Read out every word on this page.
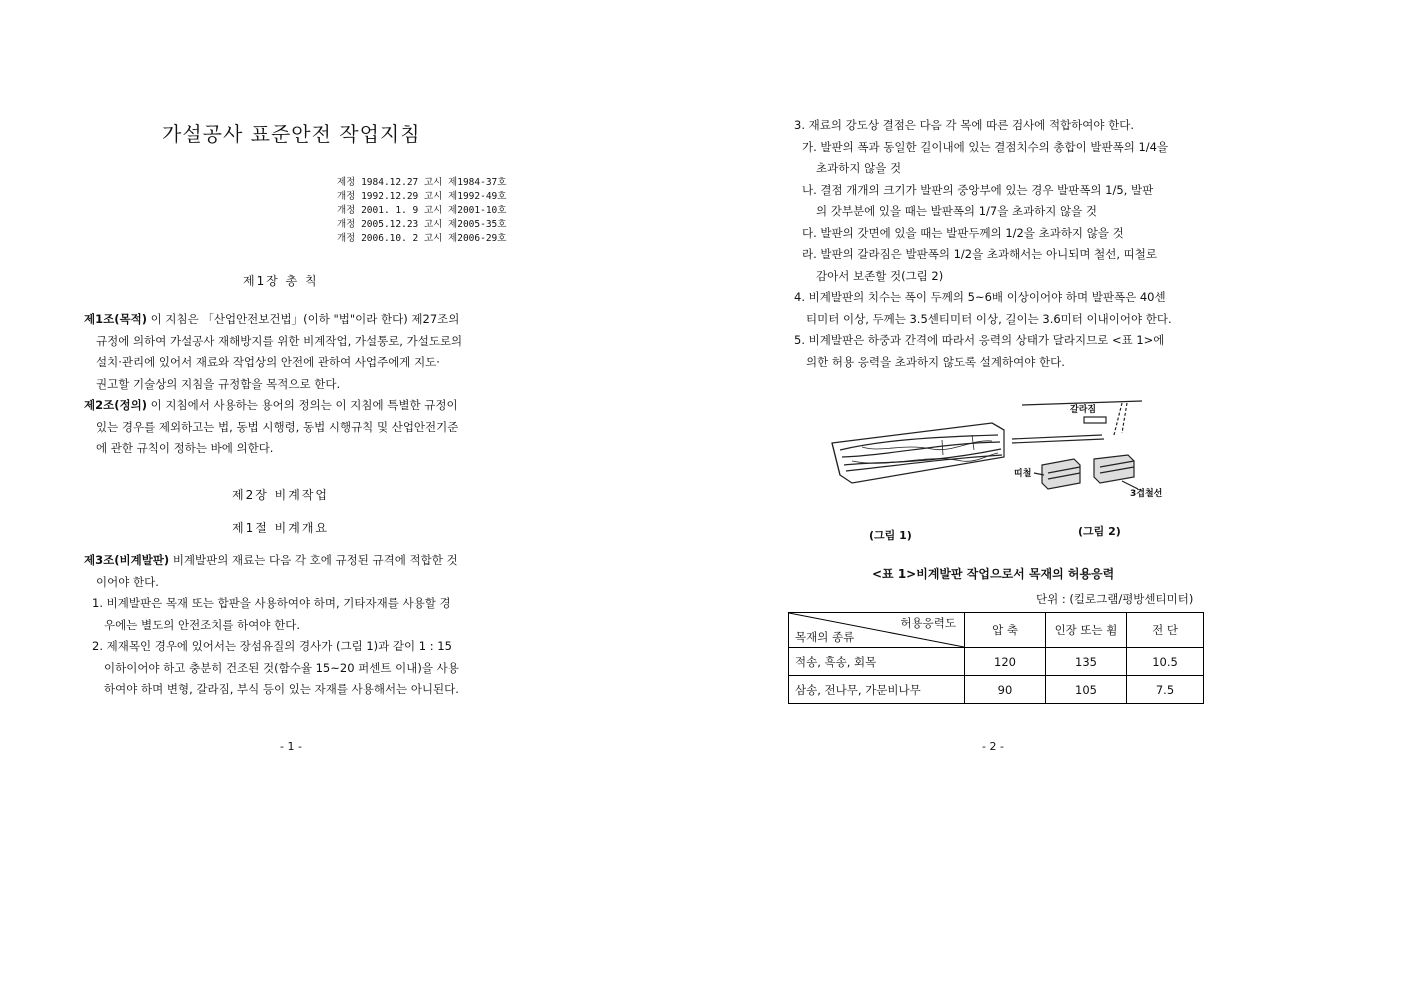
가설공사 표준안전 작업지침
제정 1984.12.27 고시 제1984-37호
개정 1992.12.29 고시 제1992-49호
개정 2001. 1. 9 고시 제2001-10호
개정 2005.12.23 고시 제2005-35호
개정 2006.10. 2 고시 제2006-29호
제1장 총 칙
제1조(목적) 이 지침은 「산업안전보건법」(이하 "법"이라 한다) 제27조의
규정에 의하여 가설공사 재해방지를 위한 비계작업, 가설통로, 가설도로의
설치·관리에 있어서 재료와 작업상의 안전에 관하여 사업주에게 지도·
권고할 기술상의 지침을 규정함을 목적으로 한다.
제2조(정의) 이 지침에서 사용하는 용어의 정의는 이 지침에 특별한 규정이
있는 경우를 제외하고는 법, 동법 시행령, 동법 시행규칙 및 산업안전기준
에 관한 규칙이 정하는 바에 의한다.
제2장 비계작업
제1절 비계개요
제3조(비계발판) 비계발판의 재료는 다음 각 호에 규정된 규격에 적합한 것
이어야 한다.
1. 비계발판은 목재 또는 합판을 사용하여야 하며, 기타자재를 사용할 경
우에는 별도의 안전조치를 하여야 한다.
2. 제재목인 경우에 있어서는 장섬유질의 경사가 (그림 1)과 같이 1 : 15
이하이어야 하고 충분히 건조된 것(함수율 15~20 퍼센트 이내)을 사용
하여야 하며 변형, 갈라짐, 부식 등이 있는 자재를 사용해서는 아니된다.
- 1 -
3. 재료의 강도상 결점은 다음 각 목에 따른 검사에 적합하여야 한다.
가. 발판의 폭과 동일한 길이내에 있는 결점치수의 총합이 발판폭의 1/4을
초과하지 않을 것
나. 결점 개개의 크기가 발판의 중앙부에 있는 경우 발판폭의 1/5, 발판
의 갓부분에 있을 때는 발판폭의 1/7을 초과하지 않을 것
다. 발판의 갓면에 있을 때는 발판두께의 1/2을 초과하지 않을 것
라. 발판의 갈라짐은 발판폭의 1/2을 초과해서는 아니되며 철선, 띠철로
감아서 보존할 것(그림 2)
4. 비계발판의 치수는 폭이 두께의 5~6배 이상이어야 하며 발판폭은 40센
티미터 이상, 두께는 3.5센티미터 이상, 길이는 3.6미터 이내이어야 한다.
5. 비계발판은 하중과 간격에 따라서 응력의 상태가 달라지므로 <표 1>에
의한 허용 응력을 초과하지 않도록 설계하여야 한다.
갈라짐
띠철
3겹철선
(그림 1)	(그림 2)
<표 1>비계발판 작업으로서 목재의 허용응력
단위 : (킬로그램/평방센티미터)
허용응력도
목재의 종류	압 축	인장 또는 휨	전 단
적송, 흑송, 회목	120	135	10.5
삼송, 전나무, 가문비나무	90	105	7.5
- 2 -
